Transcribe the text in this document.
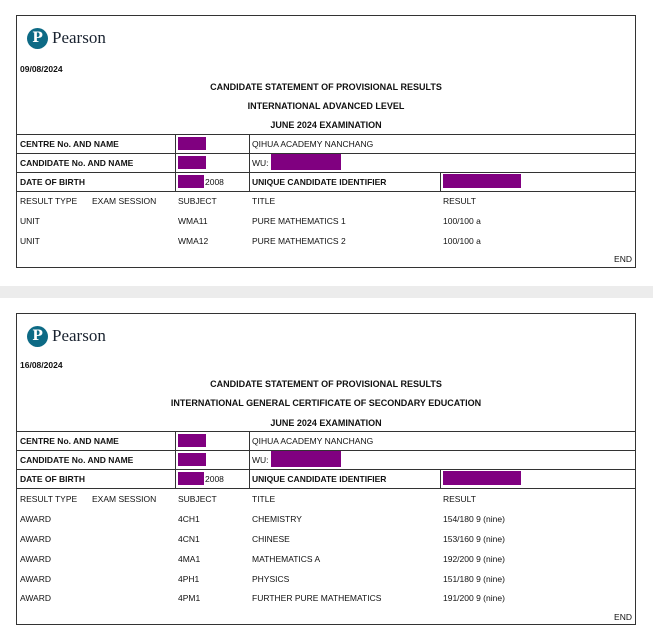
P Pearson
09/08/2024
CANDIDATE STATEMENT OF PROVISIONAL RESULTS
INTERNATIONAL ADVANCED LEVEL
JUNE 2024 EXAMINATION
CENTRE No. AND NAME	QIHUA ACADEMY NANCHANG
CANDIDATE No. AND NAME	WU:
DATE OF BIRTH	2008	UNIQUE CANDIDATE IDENTIFIER
RESULT TYPE EXAM SESSION	SUBJECT	TITLE	RESULT
UNIT	WMA11	PURE MATHEMATICS 1	100/100 a
UNIT	WMA12	PURE MATHEMATICS 2	100/100 a
END
P Pearson
16/08/2024
CANDIDATE STATEMENT OF PROVISIONAL RESULTS
INTERNATIONAL GENERAL CERTIFICATE OF SECONDARY EDUCATION
JUNE 2024 EXAMINATION
CENTRE No. AND NAME	QIHUA ACADEMY NANCHANG
CANDIDATE No. AND NAME	WU:
DATE OF BIRTH	2008	UNIQUE CANDIDATE IDENTIFIER
RESULT TYPE EXAM SESSION	SUBJECT	TITLE	RESULT
AWARD	4CH1	CHEMISTRY	154/180 9 (nine)
AWARD	4CN1	CHINESE	153/160 9 (nine)
AWARD	4MA1	MATHEMATICS A	192/200 9 (nine)
AWARD	4PH1	PHYSICS	151/180 9 (nine)
AWARD	4PM1	FURTHER PURE MATHEMATICS	191/200 9 (nine)
END
